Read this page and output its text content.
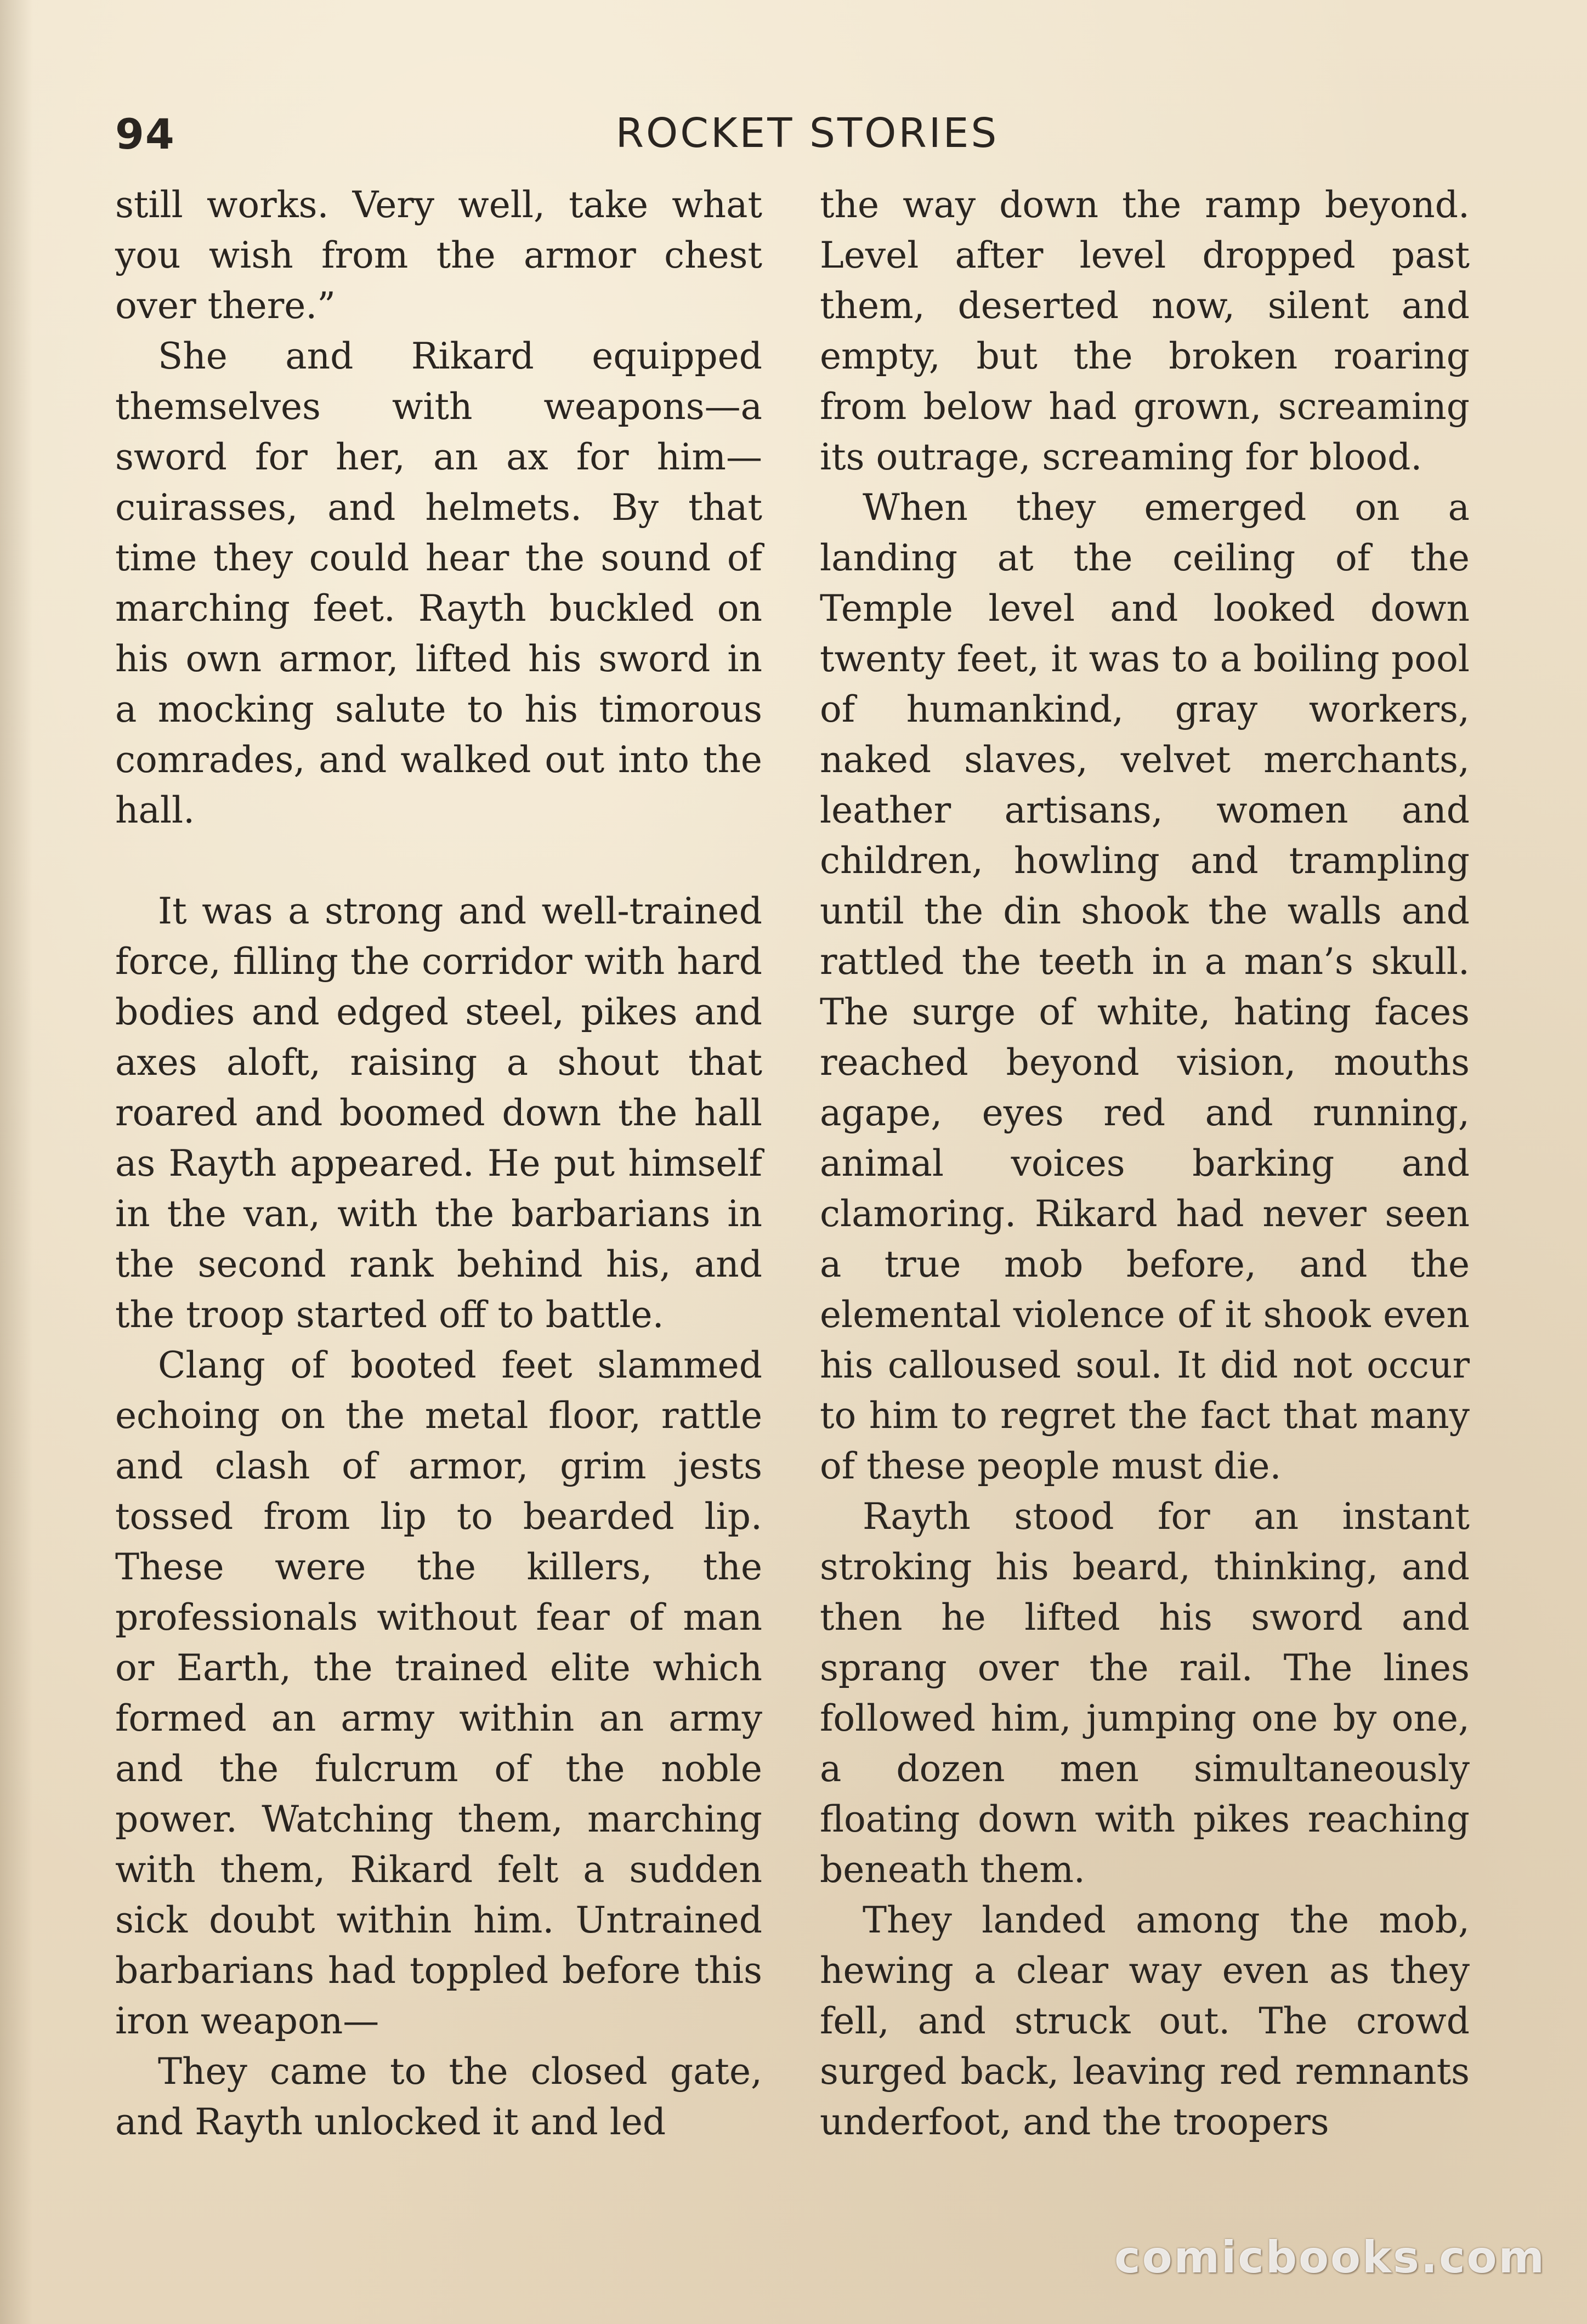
94	ROCKET STORIES

still works. Very well, take what you wish from the armor chest over there.”

She and Rikard equipped themselves with weapons—a sword for her, an ax for him—cuirasses, and helmets. By that time they could hear the sound of marching feet. Rayth buckled on his own armor, lifted his sword in a mocking salute to his timorous comrades, and walked out into the hall.

It was a strong and well-trained force, filling the corridor with hard bodies and edged steel, pikes and axes aloft, raising a shout that roared and boomed down the hall as Rayth appeared. He put himself in the van, with the barbarians in the second rank behind his, and the troop started off to battle.

Clang of booted feet slammed echoing on the metal floor, rattle and clash of armor, grim jests tossed from lip to bearded lip. These were the killers, the professionals without fear of man or Earth, the trained elite which formed an army within an army and the fulcrum of the noble power. Watching them, marching with them, Rikard felt a sudden sick doubt within him. Untrained barbarians had toppled before this iron weapon—

They came to the closed gate, and Rayth unlocked it and led

the way down the ramp beyond. Level after level dropped past them, deserted now, silent and empty, but the broken roaring from below had grown, screaming its outrage, screaming for blood.

When they emerged on a landing at the ceiling of the Temple level and looked down twenty feet, it was to a boiling pool of humankind, gray workers, naked slaves, velvet merchants, leather artisans, women and children, howling and trampling until the din shook the walls and rattled the teeth in a man’s skull. The surge of white, hating faces reached beyond vision, mouths agape, eyes red and running, animal voices barking and clamoring. Rikard had never seen a true mob before, and the elemental violence of it shook even his calloused soul. It did not occur to him to regret the fact that many of these people must die.

Rayth stood for an instant stroking his beard, thinking, and then he lifted his sword and sprang over the rail. The lines followed him, jumping one by one, a dozen men simultaneously floating down with pikes reaching beneath them.

They landed among the mob, hewing a clear way even as they fell, and struck out. The crowd surged back, leaving red remnants underfoot, and the troopers

comicbooks.com
